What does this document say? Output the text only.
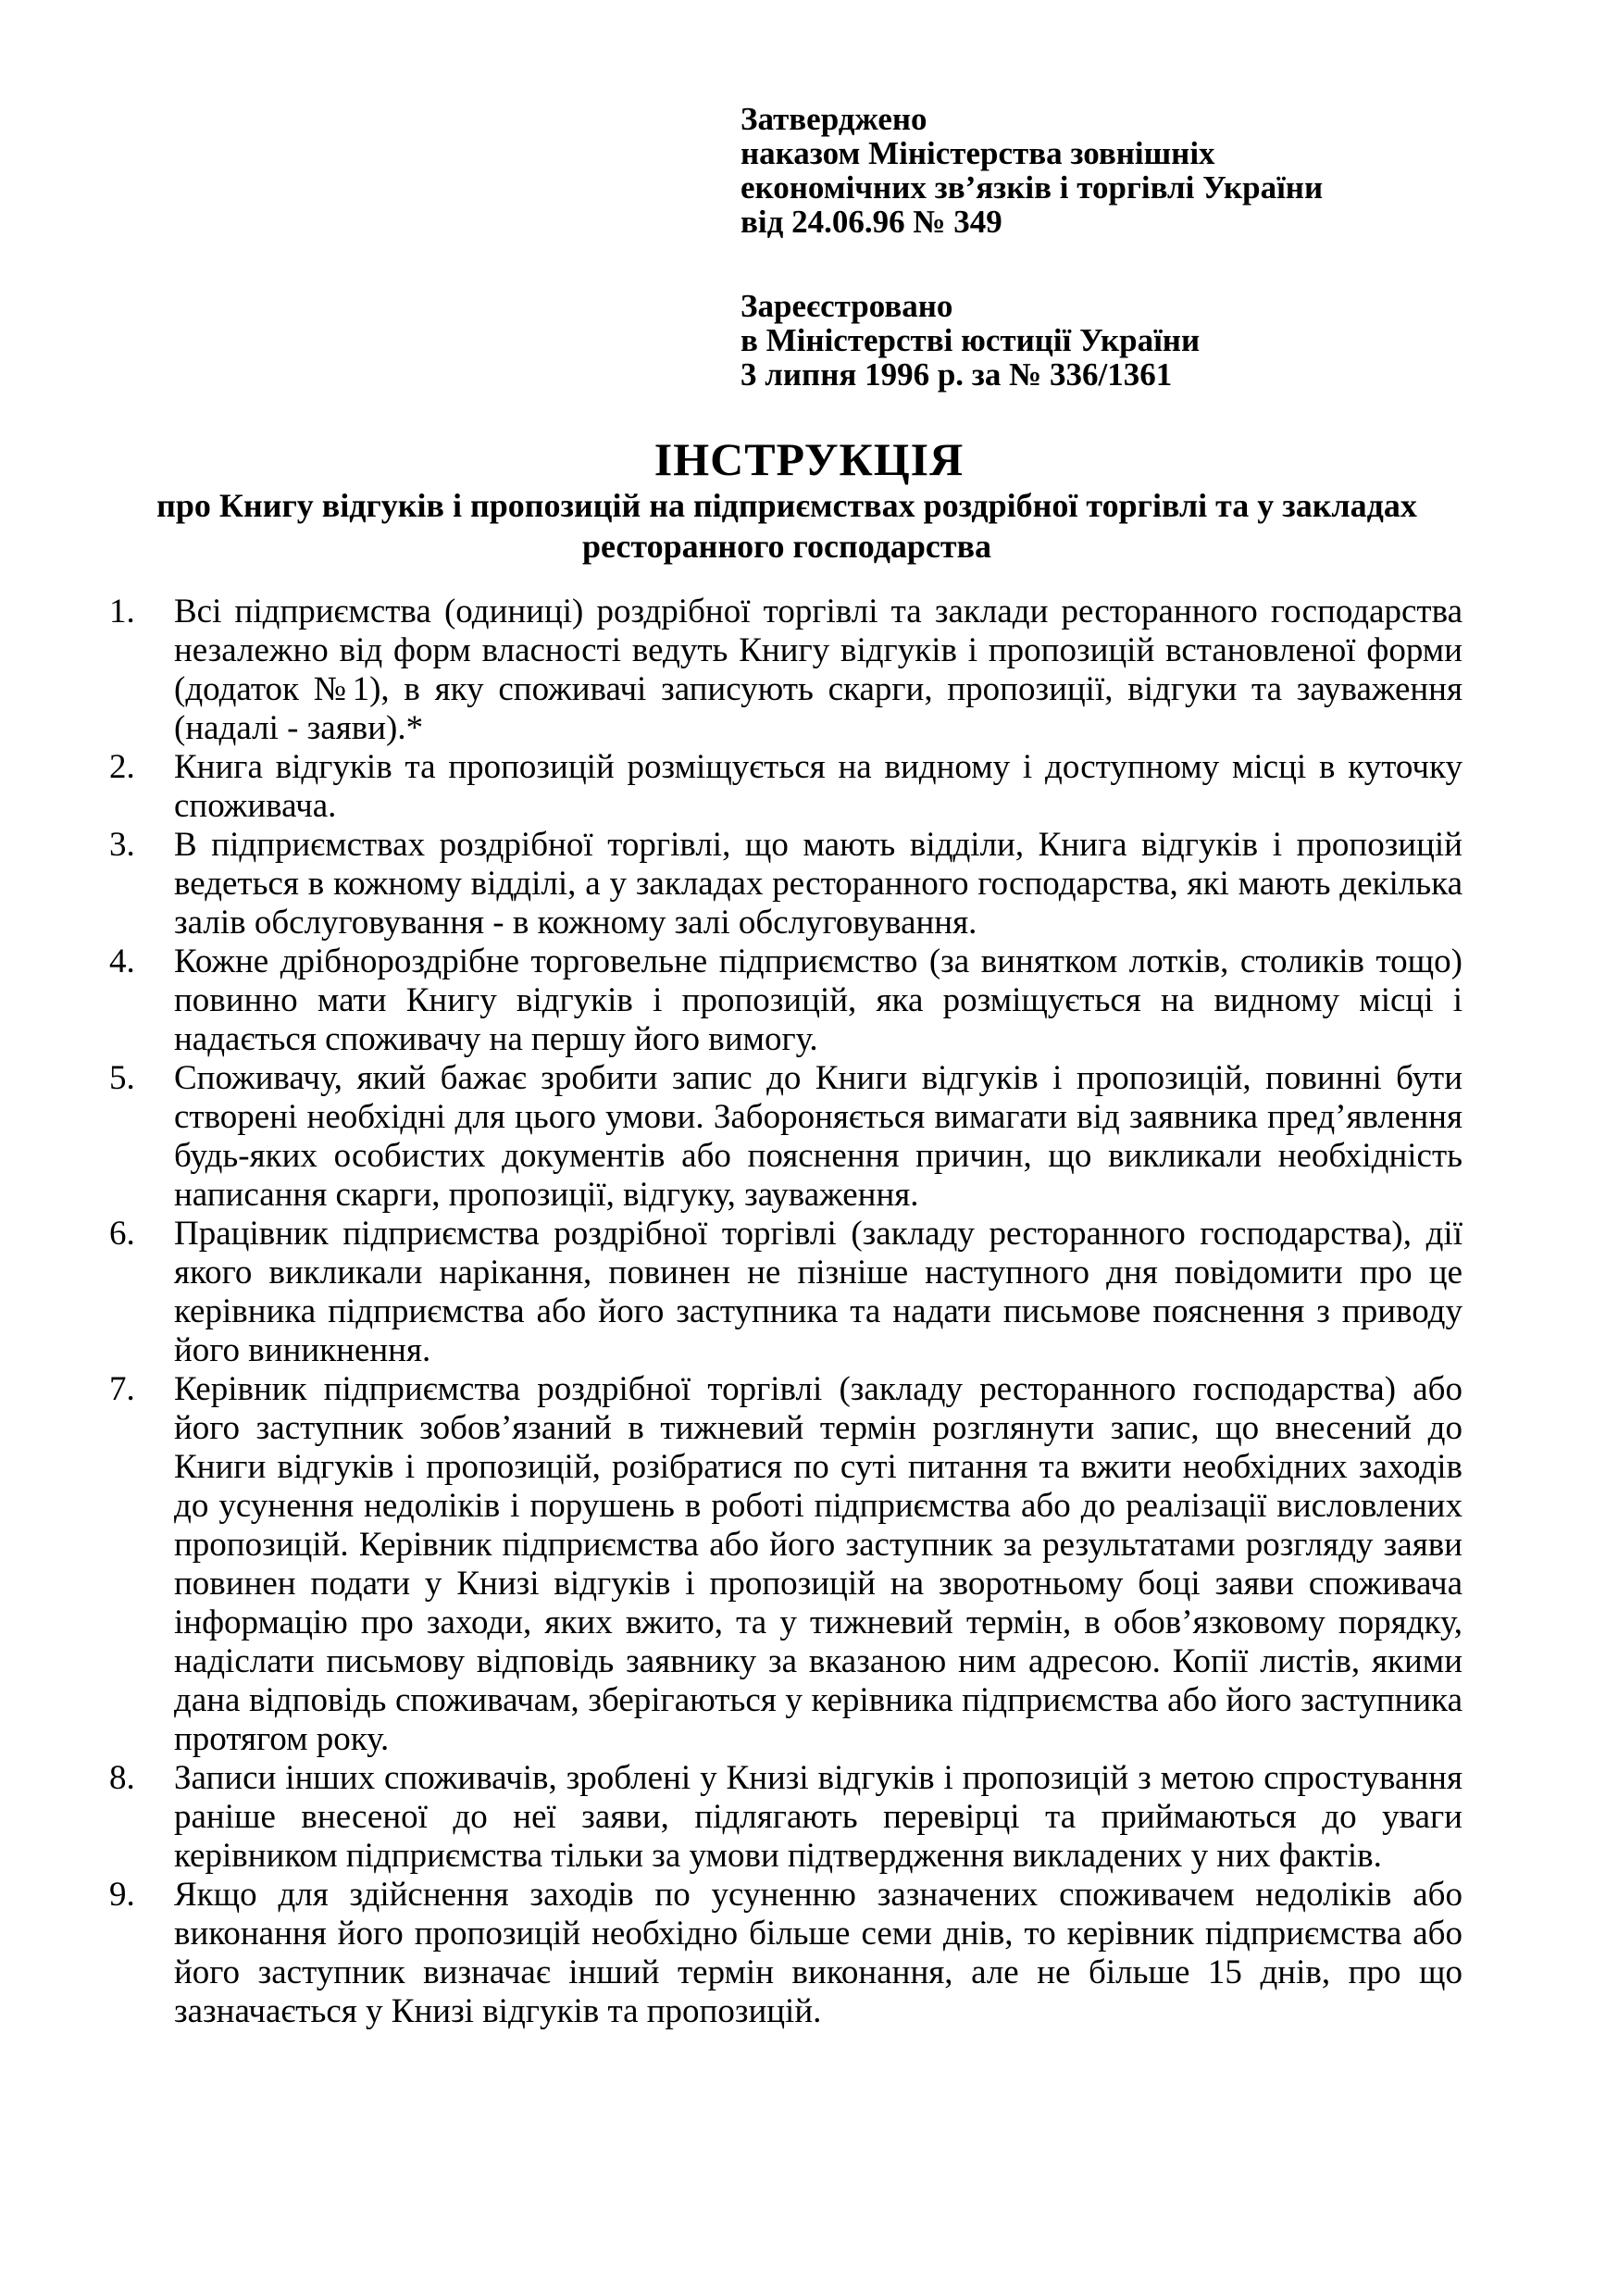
Затверджено
наказом Міністерства зовнішніх
економічних зв’язків і торгівлі України
від 24.06.96 № 349
Зареєстровано
в Міністерстві юстиції України
3 липня 1996 р. за № 336/1361
ІНСТРУКЦІЯ
про Книгу відгуків і пропозицій на підприємствах роздрібної торгівлі та у закладах ресторанного господарства
1. Всі підприємства (одиниці) роздрібної торгівлі та заклади ресторанного господарства незалежно від форм власності ведуть Книгу відгуків і пропозицій встановленої форми (додаток №1), в яку споживачі записують скарги, пропозиції, відгуки та зауваження (надалі - заяви).*
2. Книга відгуків та пропозицій розміщується на видному і доступному місці в куточку споживача.
3. В підприємствах роздрібної торгівлі, що мають відділи, Книга відгуків і пропозицій ведеться в кожному відділі, а у закладах ресторанного господарства, які мають декілька залів обслуговування - в кожному залі обслуговування.
4. Кожне дрібнороздрібне торговельне підприємство (за винятком лотків, столиків тощо) повинно мати Книгу відгуків і пропозицій, яка розміщується на видному місці і надається споживачу на першу його вимогу.
5. Споживачу, який бажає зробити запис до Книги відгуків і пропозицій, повинні бути створені необхідні для цього умови. Забороняється вимагати від заявника пред’явлення будь-яких особистих документів або пояснення причин, що викликали необхідність написання скарги, пропозиції, відгуку, зауваження.
6. Працівник підприємства роздрібної торгівлі (закладу ресторанного господарства), дії якого викликали нарікання, повинен не пізніше наступного дня повідомити про це керівника підприємства або його заступника та надати письмове пояснення з приводу його виникнення.
7. Керівник підприємства роздрібної торгівлі (закладу ресторанного господарства) або його заступник зобов’язаний в тижневий термін розглянути запис, що внесений до Книги відгуків і пропозицій, розібратися по суті питання та вжити необхідних заходів до усунення недоліків і порушень в роботі підприємства або до реалізації висловлених пропозицій. Керівник підприємства або його заступник за результатами розгляду заяви повинен подати у Книзі відгуків і пропозицій на зворотньому боці заяви споживача інформацію про заходи, яких вжито, та у тижневий термін, в обов’язковому порядку, надіслати письмову відповідь заявнику за вказаною ним адресою. Копії листів, якими дана відповідь споживачам, зберігаються у керівника підприємства або його заступника протягом року.
8. Записи інших споживачів, зроблені у Книзі відгуків і пропозицій з метою спростування раніше внесеної до неї заяви, підлягають перевірці та приймаються до уваги керівником підприємства тільки за умови підтвердження викладених у них фактів.
9. Якщо для здійснення заходів по усуненню зазначених споживачем недоліків або виконання його пропозицій необхідно більше семи днів, то керівник підприємства або його заступник визначає інший термін виконання, але не більше 15 днів, про що зазначається у Книзі відгуків та пропозицій.
